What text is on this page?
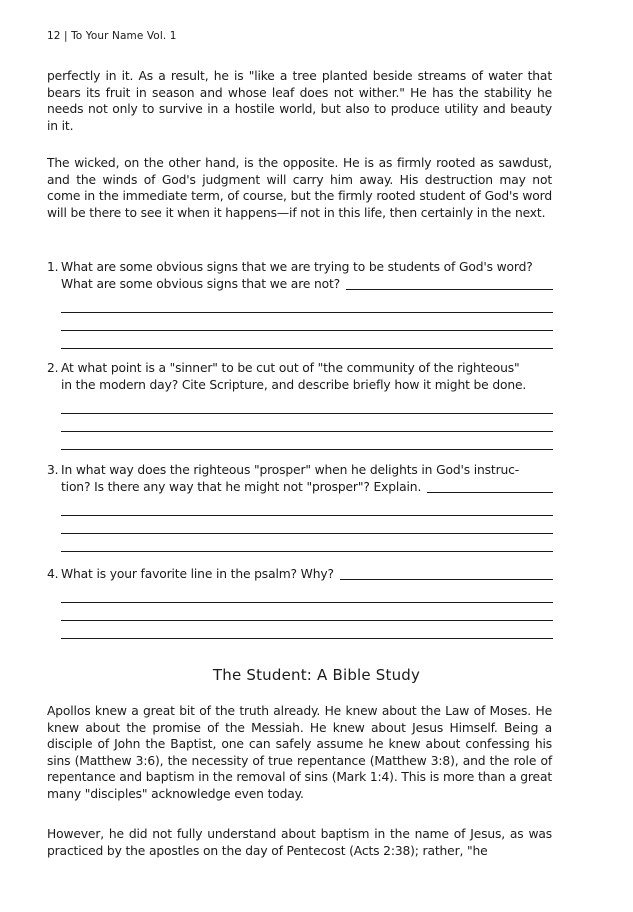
12 | To Your Name Vol. 1

perfectly in it. As a result, he is "like a tree planted beside streams of water that bears its fruit in season and whose leaf does not wither." He has the stability he needs not only to survive in a hostile world, but also to produce utility and beauty in it.

The wicked, on the other hand, is the opposite. He is as firmly rooted as sawdust, and the winds of God's judgment will carry him away. His destruction may not come in the immediate term, of course, but the firmly rooted student of God's word will be there to see it when it happens—if not in this life, then certainly in the next.

1. What are some obvious signs that we are trying to be students of God's word?
What are some obvious signs that we are not?
2. At what point is a "sinner" to be cut out of "the community of the righteous"
in the modern day? Cite Scripture, and describe briefly how it might be done.
3. In what way does the righteous "prosper" when he delights in God's instruc-
tion? Is there any way that he might not "prosper"? Explain.
4. What is your favorite line in the psalm? Why?
The Student: A Bible Study

Apollos knew a great bit of the truth already. He knew about the Law of Moses. He knew about the promise of the Messiah. He knew about Jesus Himself. Being a disciple of John the Baptist, one can safely assume he knew about confessing his sins (Matthew 3:6), the necessity of true repentance (Matthew 3:8), and the role of repentance and baptism in the removal of sins (Mark 1:4). This is more than a great many "disciples" acknowledge even today.

However, he did not fully understand about baptism in the name of Jesus, as was practiced by the apostles on the day of Pentecost (Acts 2:38); rather, "he
